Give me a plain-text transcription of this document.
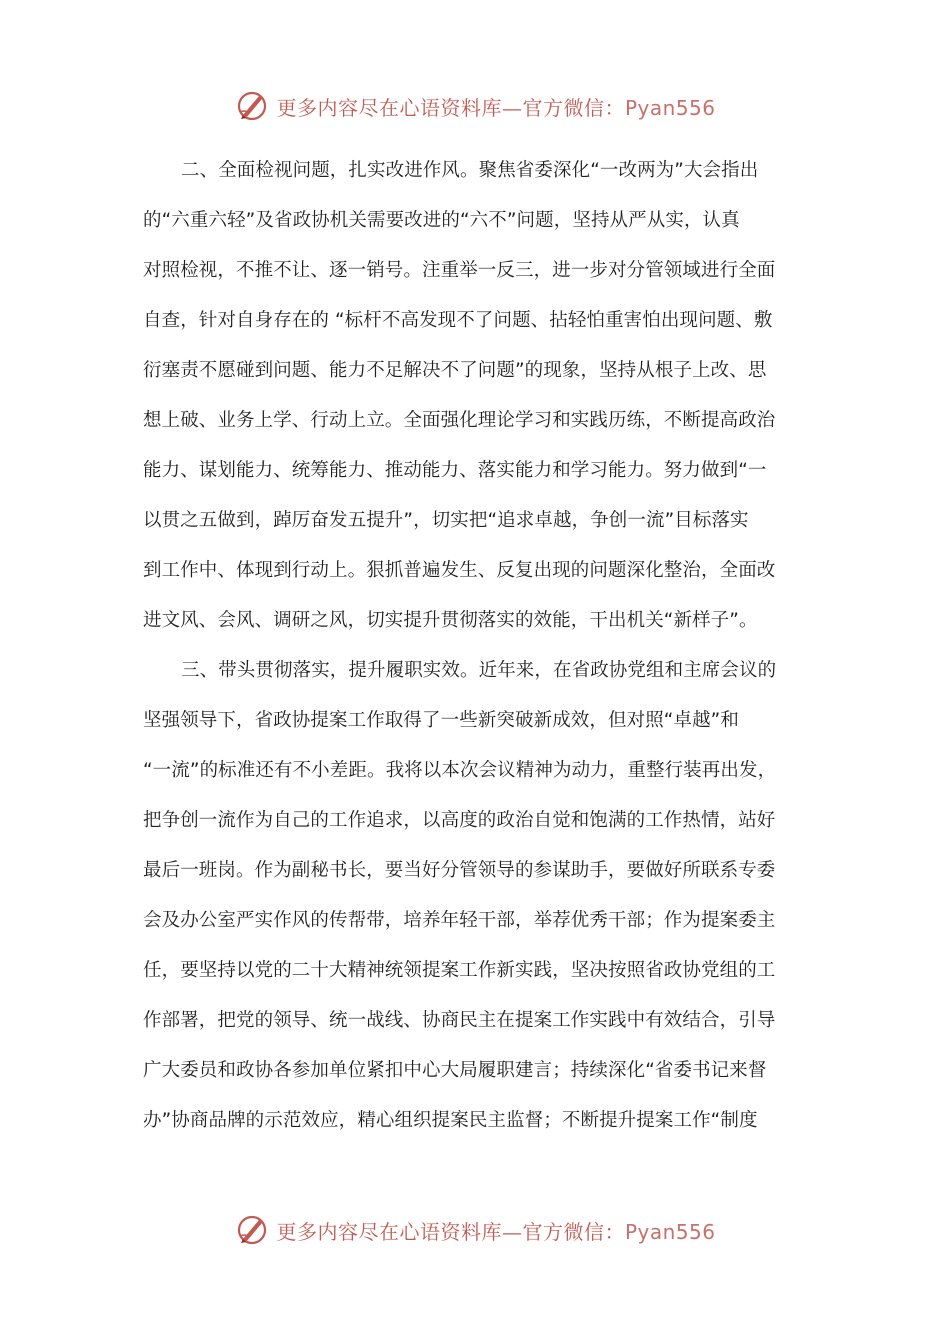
更多内容尽在心语资料库—官方微信：Pyan556
二、全面检视问题，扎实改进作风。聚焦省委深化“一改两为”大会指出
的“六重六轻”及省政协机关需要改进的“六不”问题，坚持从严从实，认真
对照检视，不推不让、逐一销号。注重举一反三，进一步对分管领域进行全面
自查，针对自身存在的 “标杆不高发现不了问题、拈轻怕重害怕出现问题、敷
衍塞责不愿碰到问题、能力不足解决不了问题”的现象，坚持从根子上改、思
想上破、业务上学、行动上立。全面强化理论学习和实践历练，不断提高政治
能力、谋划能力、统筹能力、推动能力、落实能力和学习能力。努力做到“一
以贯之五做到，踔厉奋发五提升”，切实把“追求卓越，争创一流”目标落实
到工作中、体现到行动上。狠抓普遍发生、反复出现的问题深化整治，全面改
进文风、会风、调研之风，切实提升贯彻落实的效能，干出机关“新样子”。
三、带头贯彻落实，提升履职实效。近年来，在省政协党组和主席会议的
坚强领导下，省政协提案工作取得了一些新突破新成效，但对照“卓越”和
“一流”的标准还有不小差距。我将以本次会议精神为动力，重整行装再出发，
把争创一流作为自己的工作追求，以高度的政治自觉和饱满的工作热情，站好
最后一班岗。作为副秘书长，要当好分管领导的参谋助手，要做好所联系专委
会及办公室严实作风的传帮带，培养年轻干部，举荐优秀干部；作为提案委主
任，要坚持以党的二十大精神统领提案工作新实践，坚决按照省政协党组的工
作部署，把党的领导、统一战线、协商民主在提案工作实践中有效结合，引导
广大委员和政协各参加单位紧扣中心大局履职建言；持续深化“省委书记来督
办”协商品牌的示范效应，精心组织提案民主监督；不断提升提案工作“制度
更多内容尽在心语资料库—官方微信：Pyan556
